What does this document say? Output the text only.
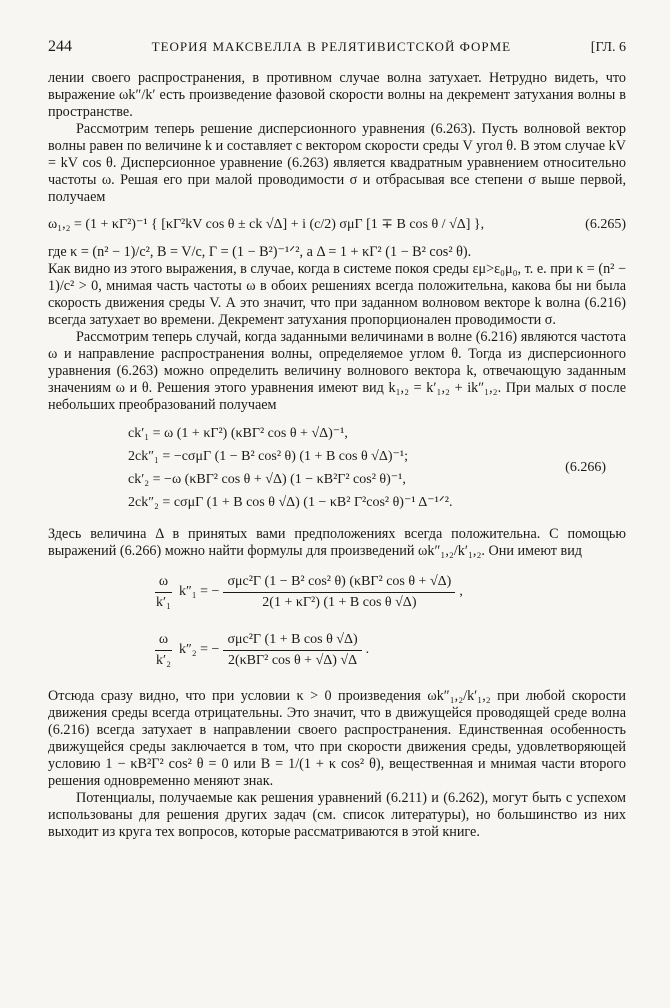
244	ТЕОРИЯ МАКСВЕЛЛА В РЕЛЯТИВИСТСКОЙ ФОРМЕ	[ГЛ. 6

лении своего распространения, в противном случае волна затухает. Нетрудно видеть, что выражение ωk″/k′ есть произведение фазовой скорости волны на декремент затухания волны в пространстве.

Рассмотрим теперь решение дисперсионного уравнения (6.263). Пусть волновой вектор волны равен по величине k и составляет с вектором скорости среды V угол θ. В этом случае kV = kV cos θ. Дисперсионное уравнение (6.263) является квадратным уравнением относительно частоты ω. Решая его при малой проводимости σ и отбрасывая все степени σ выше первой, получаем

ω₁,₂ = (1 + κΓ²)⁻¹ { [κΓ²kV cos θ ± ck √Δ] + i (c/2) σμΓ [1 ∓ B cos θ / √Δ] },	(6.265)

где κ = (n² − 1)/c², B = V/c, Γ = (1 − B²)⁻¹ᐟ², а Δ = 1 + κΓ² (1 − B² cos² θ).

Как видно из этого выражения, в случае, когда в системе покоя среды εμ>ε₀μ₀, т. е. при κ = (n² − 1)/c² > 0, мнимая часть частоты ω в обоих решениях всегда положительна, какова бы ни была скорость движения среды V. А это значит, что при заданном волновом векторе k волна (6.216) всегда затухает во времени. Декремент затухания пропорционален проводимости σ.

Рассмотрим теперь случай, когда заданными величинами в волне (6.216) являются частота ω и направление распространения волны, определяемое углом θ. Тогда из дисперсионного уравнения (6.263) можно определить величину волнового вектора k, отвечающую заданным значениям ω и θ. Решения этого уравнения имеют вид k₁,₂ = k′₁,₂ + ik″₁,₂. При малых σ после небольших преобразований получаем

ck′₁ = ω (1 + κΓ²) (κBΓ² cos θ + √Δ)⁻¹,
2ck″₁ = −cσμΓ (1 − B² cos² θ) (1 + B cos θ √Δ)⁻¹;
ck′₂ = −ω (κBΓ² cos θ + √Δ) (1 − κB²Γ² cos² θ)⁻¹,
2ck″₂ = cσμΓ (1 + B cos θ √Δ) (1 − κB² Γ²cos² θ)⁻¹ Δ⁻¹ᐟ².
(6.266)

Здесь величина Δ в принятых вами предположениях всегда положительна. С помощью выражений (6.266) можно найти формулы для произведений ωk″₁,₂/k′₁,₂. Они имеют вид

$\frac{\omega}{\text{k′₁}} k''_1$ = − $\frac{\text{σμc²Γ (1 − B² cos² θ) (κBΓ² cos θ + √Δ)}}{\text{2(1 + κΓ²) (1 + B cos θ √Δ)}}$ ,
$\frac{\omega}{\text{k′₂}} k''_2$ = − $\frac{\text{σμc²Γ (1 + B cos θ √Δ)}}{\text{2(κBΓ² cos θ + √Δ) √Δ}}$ .

Отсюда сразу видно, что при условии κ > 0 произведения ωk″₁,₂/k′₁,₂ при любой скорости движения среды всегда отрицательны. Это значит, что в движущейся проводящей среде волна (6.216) всегда затухает в направлении своего распространения. Единственная особенность движущейся среды заключается в том, что при скорости движения среды, удовлетворяющей условию 1 − κB²Γ² cos² θ = 0 или B = 1/(1 + κ cos² θ), вещественная и мнимая части второго решения одновременно меняют знак.

Потенциалы, получаемые как решения уравнений (6.211) и (6.262), могут быть с успехом использованы для решения других задач (см. список литературы), но большинство из них выходит из круга тех вопросов, которые рассматриваются в этой книге.
